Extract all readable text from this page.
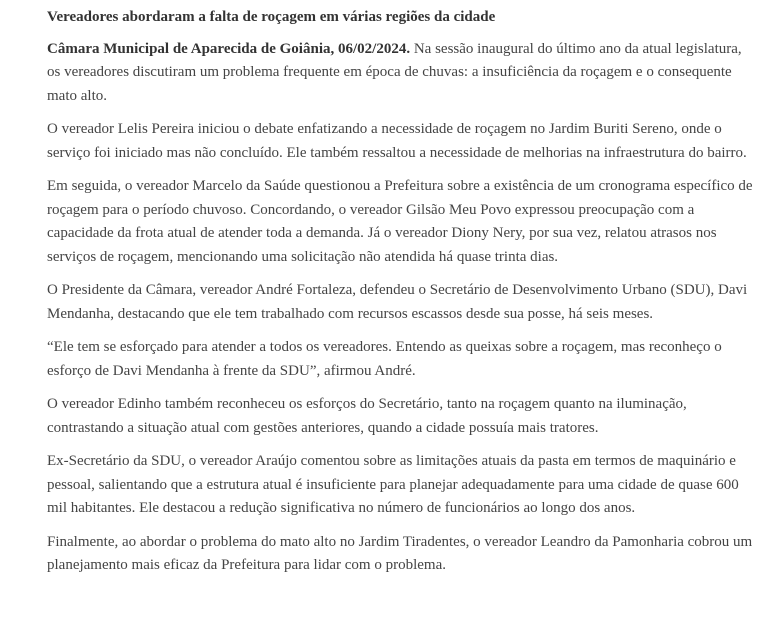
Vereadores abordaram a falta de roçagem em várias regiões da cidade

Câmara Municipal de Aparecida de Goiânia, 06/02/2024. Na sessão inaugural do último ano da atual legislatura, os vereadores discutiram um problema frequente em época de chuvas: a insuficiência da roçagem e o consequente mato alto.

O vereador Lelis Pereira iniciou o debate enfatizando a necessidade de roçagem no Jardim Buriti Sereno, onde o serviço foi iniciado mas não concluído. Ele também ressaltou a necessidade de melhorias na infraestrutura do bairro.

Em seguida, o vereador Marcelo da Saúde questionou a Prefeitura sobre a existência de um cronograma específico de roçagem para o período chuvoso. Concordando, o vereador Gilsão Meu Povo expressou preocupação com a capacidade da frota atual de atender toda a demanda. Já o vereador Diony Nery, por sua vez, relatou atrasos nos serviços de roçagem, mencionando uma solicitação não atendida há quase trinta dias.

O Presidente da Câmara, vereador André Fortaleza, defendeu o Secretário de Desenvolvimento Urbano (SDU), Davi Mendanha, destacando que ele tem trabalhado com recursos escassos desde sua posse, há seis meses.

“Ele tem se esforçado para atender a todos os vereadores. Entendo as queixas sobre a roçagem, mas reconheço o esforço de Davi Mendanha à frente da SDU”, afirmou André.

O vereador Edinho também reconheceu os esforços do Secretário, tanto na roçagem quanto na iluminação, contrastando a situação atual com gestões anteriores, quando a cidade possuía mais tratores.

Ex-Secretário da SDU, o vereador Araújo comentou sobre as limitações atuais da pasta em termos de maquinário e pessoal, salientando que a estrutura atual é insuficiente para planejar adequadamente para uma cidade de quase 600 mil habitantes. Ele destacou a redução significativa no número de funcionários ao longo dos anos.

Finalmente, ao abordar o problema do mato alto no Jardim Tiradentes, o vereador Leandro da Pamonharia cobrou um planejamento mais eficaz da Prefeitura para lidar com o problema.
